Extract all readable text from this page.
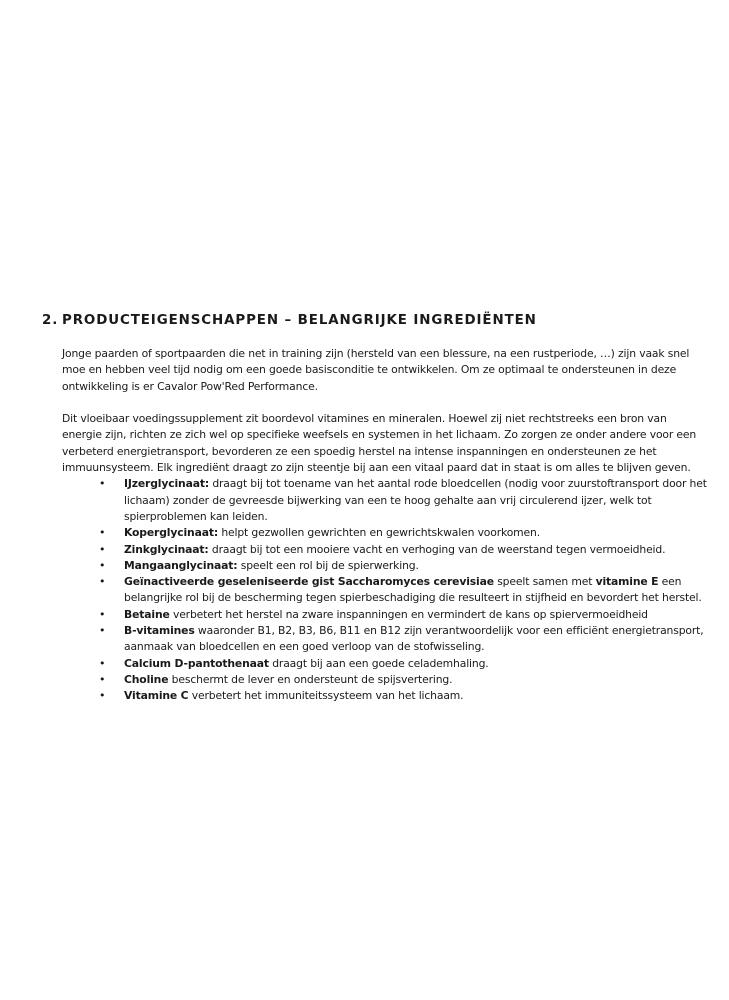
2. PRODUCTEIGENSCHAPPEN – BELANGRIJKE INGREDIËNTEN

Jonge paarden of sportpaarden die net in training zijn (hersteld van een blessure, na een rustperiode, …) zijn vaak snel moe en hebben veel tijd nodig om een goede basisconditie te ontwikkelen. Om ze optimaal te ondersteunen in deze ontwikkeling is er Cavalor Pow'Red Performance.

Dit vloeibaar voedingssupplement zit boordevol vitamines en mineralen. Hoewel zij niet rechtstreeks een bron van energie zijn, richten ze zich wel op specifieke weefsels en systemen in het lichaam. Zo zorgen ze onder andere voor een verbeterd energietransport, bevorderen ze een spoedig herstel na intense inspanningen en ondersteunen ze het immuunsysteem. Elk ingrediënt draagt zo zijn steentje bij aan een vitaal paard dat in staat is om alles te blijven geven.

• IJzerglycinaat: draagt bij tot toename van het aantal rode bloedcellen (nodig voor zuurstoftransport door het lichaam) zonder de gevreesde bijwerking van een te hoog gehalte aan vrij circulerend ijzer, welk tot spierproblemen kan leiden.
• Koperglycinaat: helpt gezwollen gewrichten en gewrichtskwalen voorkomen.
• Zinkglycinaat: draagt bij tot een mooiere vacht en verhoging van de weerstand tegen vermoeidheid.
• Mangaanglycinaat: speelt een rol bij de spierwerking.
• Geïnactiveerde geseleniseerde gist Saccharomyces cerevisiae speelt samen met vitamine E een belangrijke rol bij de bescherming tegen spierbeschadiging die resulteert in stijfheid en bevordert het herstel.
• Betaine verbetert het herstel na zware inspanningen en vermindert de kans op spiervermoeidheid
• B-vitamines waaronder B1, B2, B3, B6, B11 en B12 zijn verantwoordelijk voor een efficiënt energietransport, aanmaak van bloedcellen en een goed verloop van de stofwisseling.
• Calcium D-pantothenaat draagt bij aan een goede celademhaling.
• Choline beschermt de lever en ondersteunt de spijsvertering.
• Vitamine C verbetert het immuniteitssysteem van het lichaam.
